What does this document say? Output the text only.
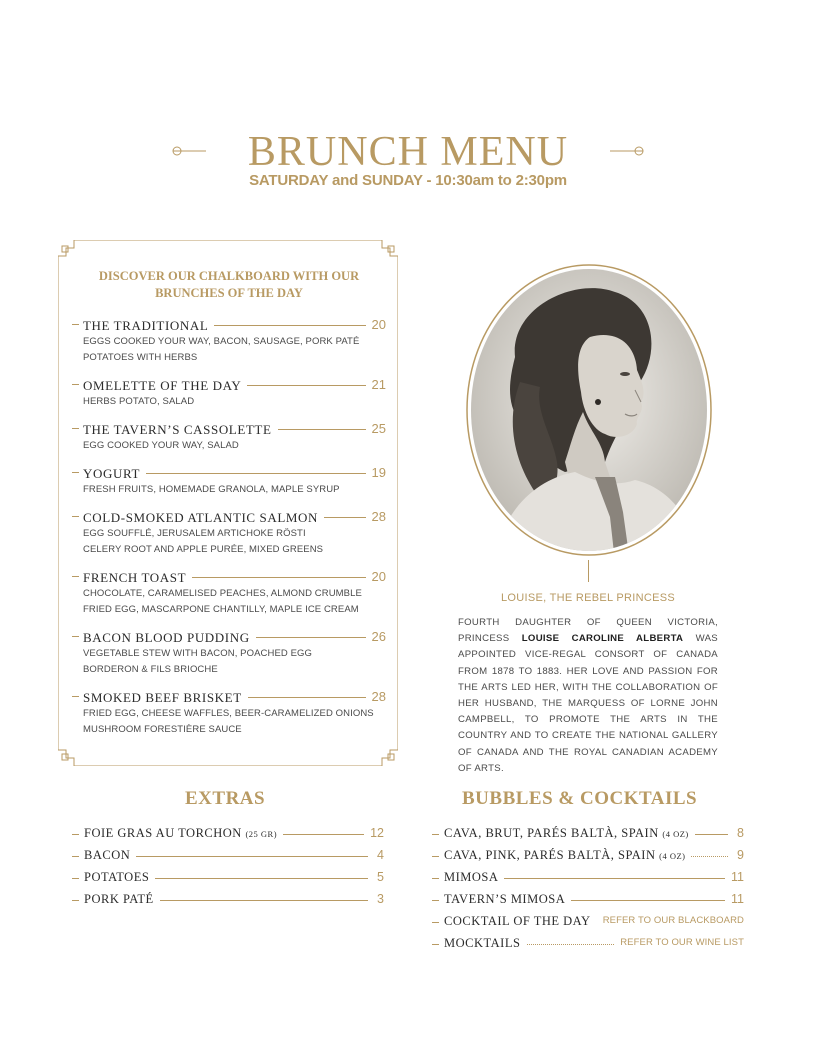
BRUNCH MENU
SATURDAY and SUNDAY - 10:30am to 2:30pm
DISCOVER OUR CHALKBOARD WITH OUR
BRUNCHES OF THE DAY
THE TRADITIONAL	20
EGGS COOKED YOUR WAY, BACON, SAUSAGE, PORK PATÉ
POTATOES WITH HERBS
OMELETTE OF THE DAY	21
HERBS POTATO, SALAD
THE TAVERN’S CASSOLETTE	25
EGG COOKED YOUR WAY, SALAD
YOGURT	19
FRESH FRUITS, HOMEMADE GRANOLA, MAPLE SYRUP
COLD-SMOKED ATLANTIC SALMON	28
EGG SOUFFLÉ, JERUSALEM ARTICHOKE RÖSTI
CELERY ROOT AND APPLE PURÉE, MIXED GREENS
FRENCH TOAST	20
CHOCOLATE, CARAMELISED PEACHES, ALMOND CRUMBLE
FRIED EGG, MASCARPONE CHANTILLY, MAPLE ICE CREAM
BACON BLOOD PUDDING	26
VEGETABLE STEW WITH BACON, POACHED EGG
BORDERON & FILS BRIOCHE
SMOKED BEEF BRISKET	28
FRIED EGG, CHEESE WAFFLES, BEER-CARAMELIZED ONIONS
MUSHROOM FORESTIÈRE SAUCE
LOUISE, THE REBEL PRINCESS
FOURTH DAUGHTER OF QUEEN VICTORIA, PRINCESS LOUISE CAROLINE ALBERTA WAS APPOINTED VICE-REGAL CONSORT OF CANADA FROM 1878 TO 1883. HER LOVE AND PASSION FOR THE ARTS LED HER, WITH THE COLLABORATION OF HER HUSBAND, THE MARQUESS OF LORNE JOHN CAMPBELL, TO PROMOTE THE ARTS IN THE COUNTRY AND TO CREATE THE NATIONAL GALLERY OF CANADA AND THE ROYAL CANADIAN ACADEMY OF ARTS.
EXTRAS
FOIE GRAS AU TORCHON (25 GR)	12
BACON	4
POTATOES	5
PORK PATÉ	3
BUBBLES & COCKTAILS
CAVA, BRUT, PARÉS BALTÀ, SPAIN (4 OZ)	8
CAVA, PINK, PARÉS BALTÀ, SPAIN (4 OZ)	9
MIMOSA	11
TAVERN’S MIMOSA	11
COCKTAIL OF THE DAY	REFER TO OUR BLACKBOARD
MOCKTAILS	REFER TO OUR WINE LIST
